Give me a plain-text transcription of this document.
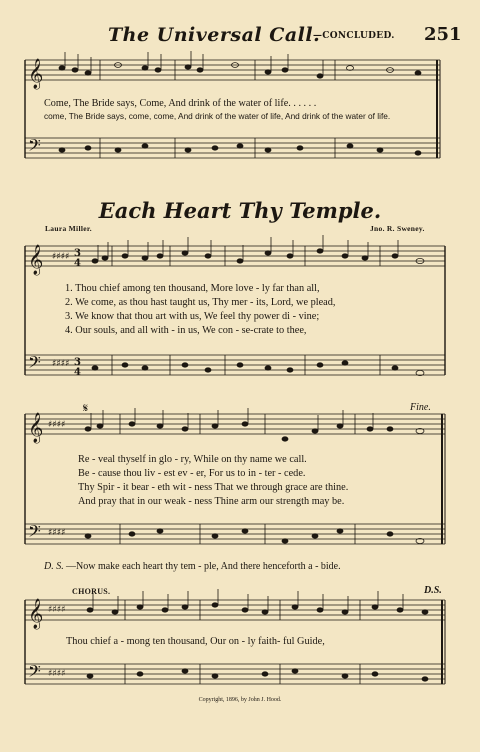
The Universal Call.
—CONCLUDED. 251
Come, The Bride says, Come, And drink of the water of life. . . . . .
come, The Bride says, come, come, And drink of the water of life, And drink of the water of life.
Each Heart Thy Temple.
Laura Miller.	Jno. R. Sweney.
1. Thou chief among ten thousand, More love - ly far than all,
2. We come, as thou hast taught us, Thy mer - its, Lord, we plead,
3. We know that thou art with us, We feel thy power di - vine;
4. Our souls, and all with - in us, We con - se-crate to thee,
Fine.
Re - veal thyself in glo - ry, While on thy name we call.
Be - cause thou liv - est ev - er, For us to in - ter - cede.
Thy Spir - it bear - eth wit - ness That we through grace are thine.
And pray that in our weak - ness Thine arm our strength may be.
D. S. —Now make each heart thy tem - ple, And there henceforth a - bide.
CHORUS.	D.S.
Thou chief a - mong ten thousand, Our on - ly faith- ful Guide,
Copyright, 1896, by John J. Hood.
𝄞
𝄢
𝄞
𝄢
𝄞
𝄢
𝄞
𝄢
♯♯♯♯
♯♯♯♯
3
4
3
4
♯♯♯♯
♯♯♯♯
♯♯♯♯
♯♯♯♯
𝄋
